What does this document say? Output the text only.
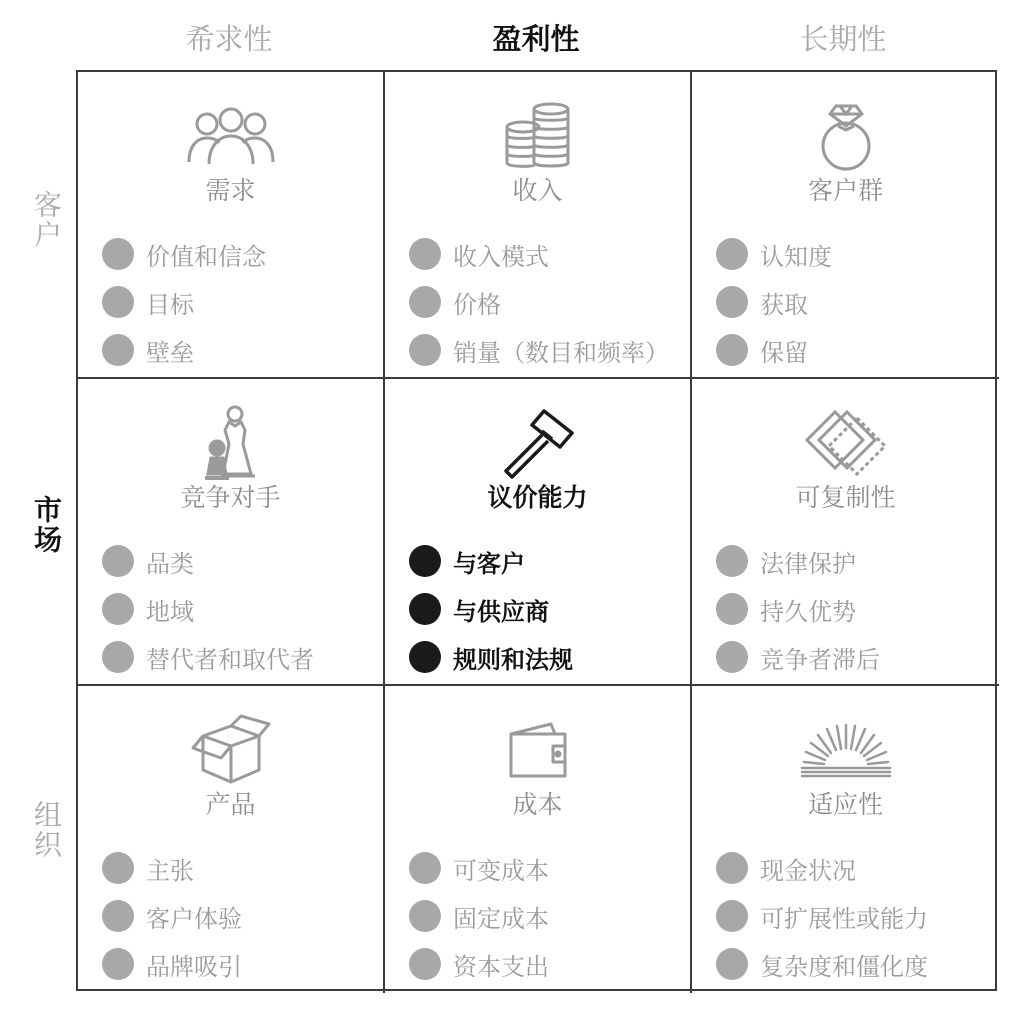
希求性	盈利性	长期性
客户
市场
组织
需求
价值和信念
目标
壁垒
收入
收入模式
价格
销量（数目和频率）
客户群
认知度
获取
保留
竞争对手
品类
地域
替代者和取代者
议价能力
与客户
与供应商
规则和法规
可复制性
法律保护
持久优势
竞争者滞后
产品
主张
客户体验
品牌吸引
成本
可变成本
固定成本
资本支出
适应性
现金状况
可扩展性或能力
复杂度和僵化度
